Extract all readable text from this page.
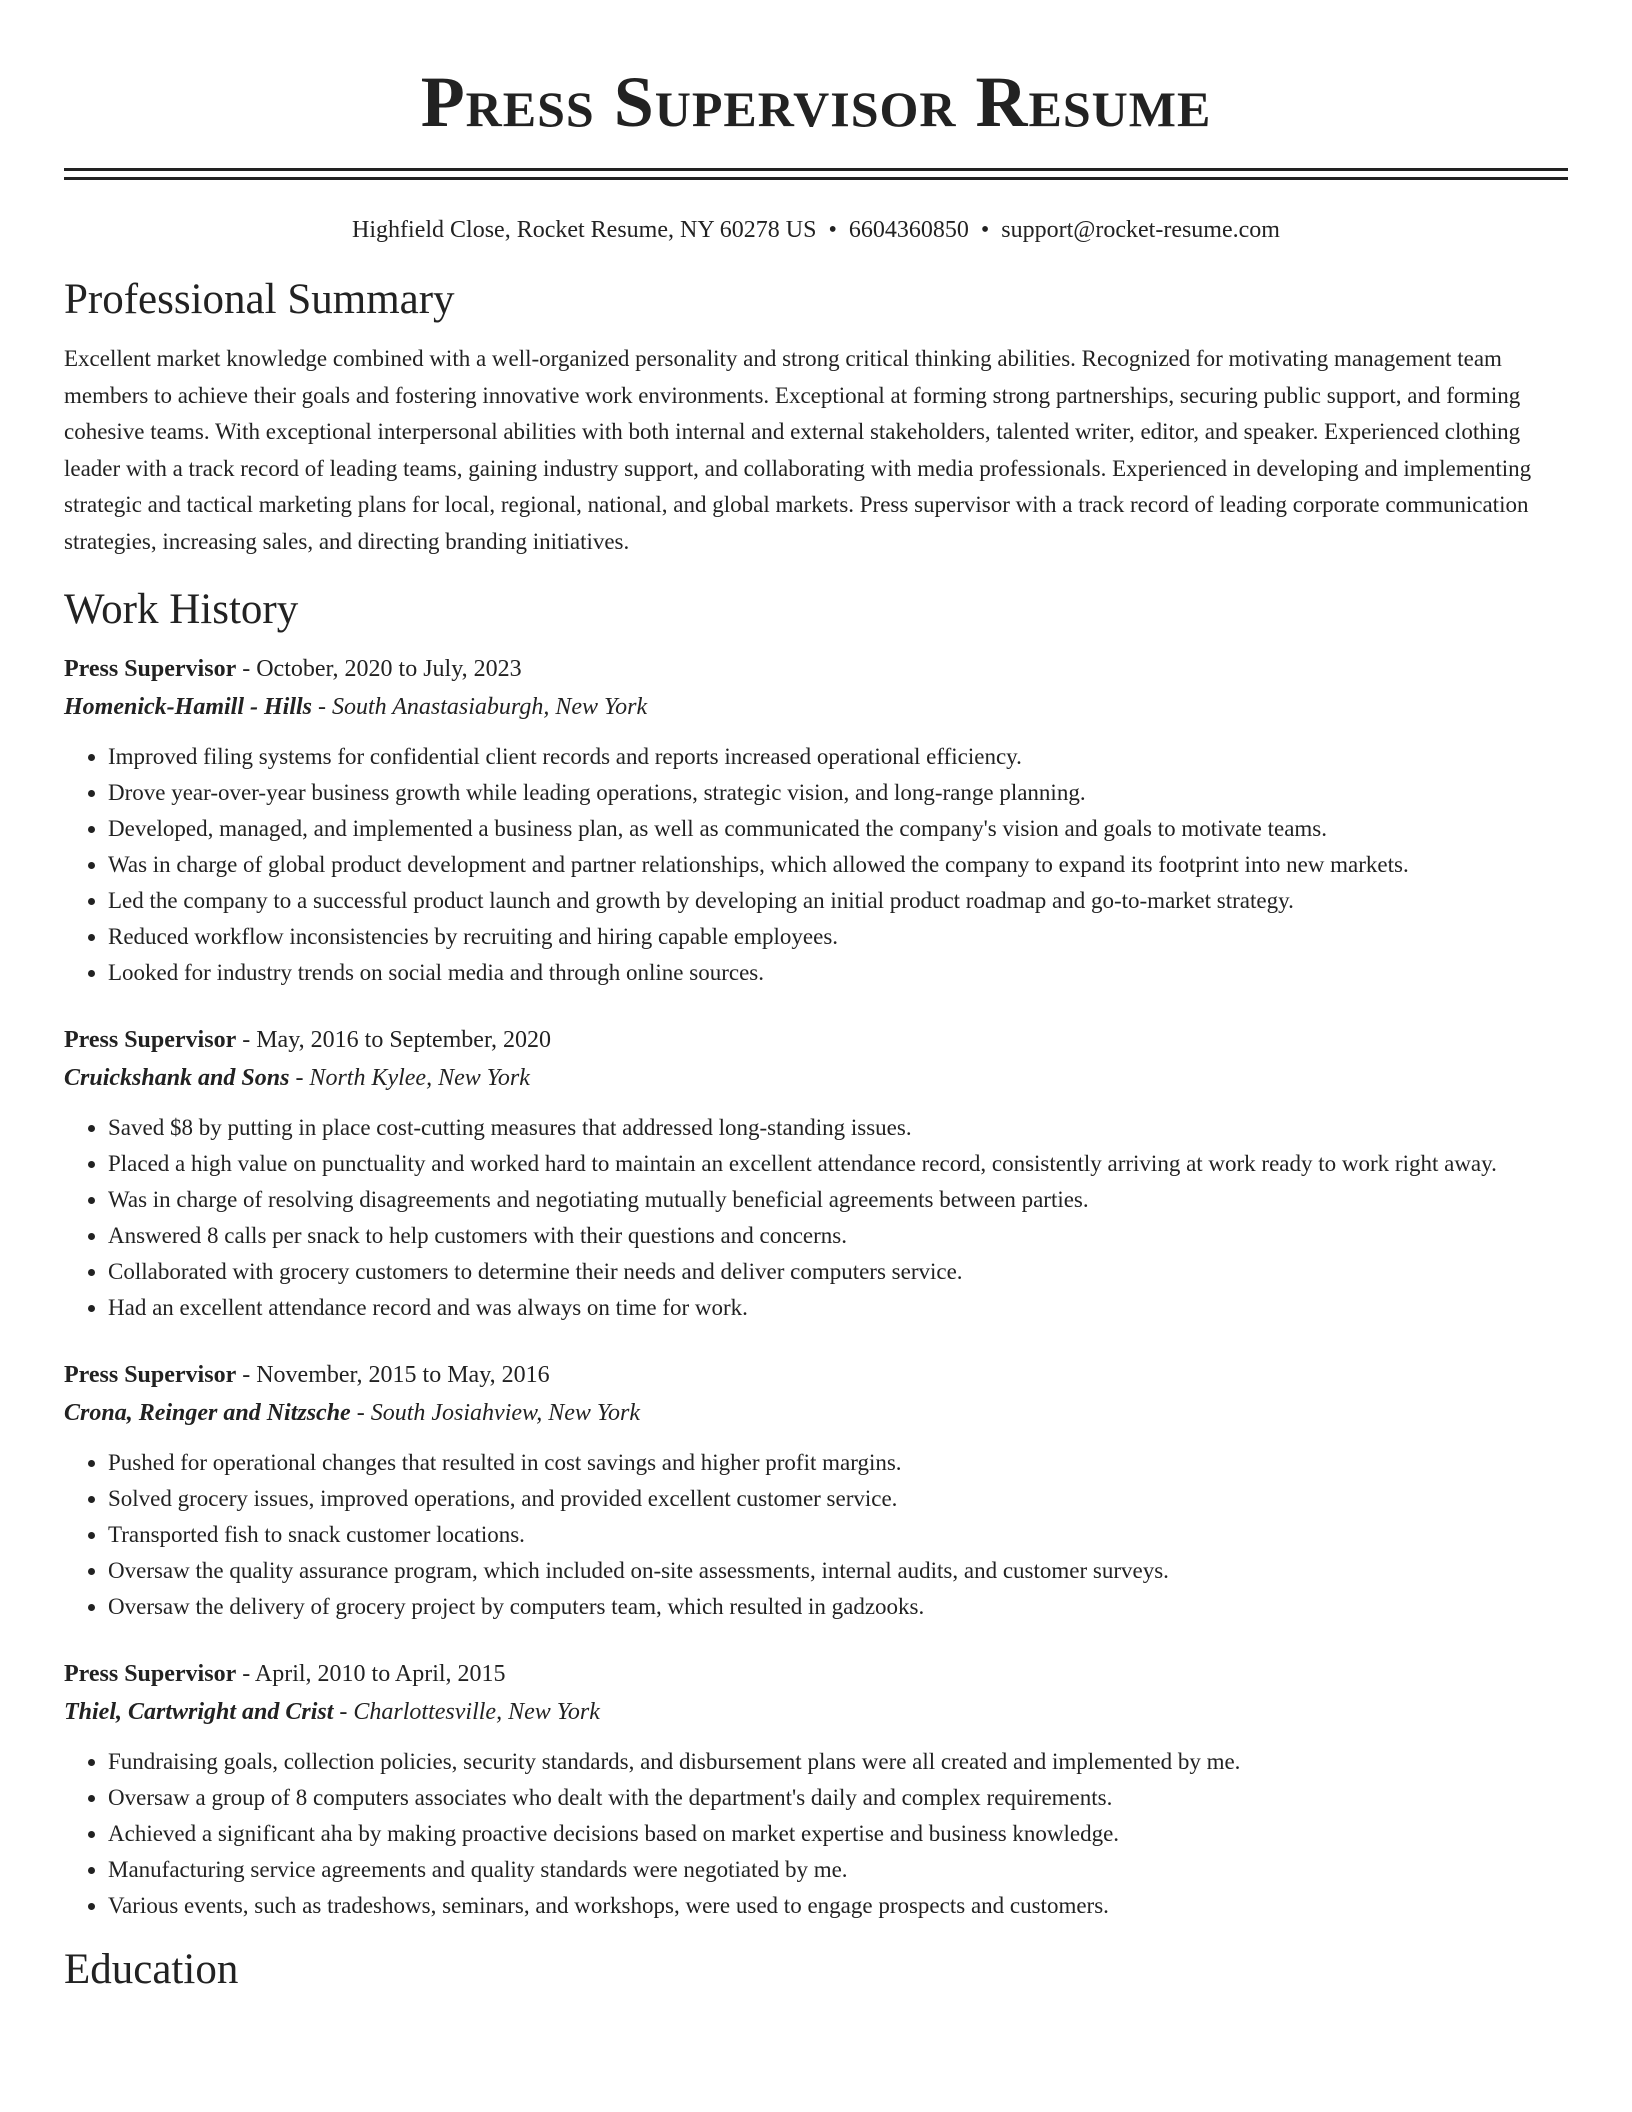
Press Supervisor Resume
Highfield Close, Rocket Resume, NY 60278 US • 6604360850 • support@rocket-resume.com
Professional Summary

Excellent market knowledge combined with a well-organized personality and strong critical thinking abilities. Recognized for motivating management team members to achieve their goals and fostering innovative work environments. Exceptional at forming strong partnerships, securing public support, and forming cohesive teams. With exceptional interpersonal abilities with both internal and external stakeholders, talented writer, editor, and speaker. Experienced clothing leader with a track record of leading teams, gaining industry support, and collaborating with media professionals. Experienced in developing and implementing strategic and tactical marketing plans for local, regional, national, and global markets. Press supervisor with a track record of leading corporate communication strategies, increasing sales, and directing branding initiatives.

Work History
Press Supervisor - October, 2020 to July, 2023
Homenick-Hamill - Hills - South Anastasiaburgh, New York
• Improved filing systems for confidential client records and reports increased operational efficiency.
• Drove year-over-year business growth while leading operations, strategic vision, and long-range planning.
• Developed, managed, and implemented a business plan, as well as communicated the company's vision and goals to motivate teams.
• Was in charge of global product development and partner relationships, which allowed the company to expand its footprint into new markets.
• Led the company to a successful product launch and growth by developing an initial product roadmap and go-to-market strategy.
• Reduced workflow inconsistencies by recruiting and hiring capable employees.
• Looked for industry trends on social media and through online sources.
Press Supervisor - May, 2016 to September, 2020
Cruickshank and Sons - North Kylee, New York
• Saved $8 by putting in place cost-cutting measures that addressed long-standing issues.
• Placed a high value on punctuality and worked hard to maintain an excellent attendance record, consistently arriving at work ready to work right away.
• Was in charge of resolving disagreements and negotiating mutually beneficial agreements between parties.
• Answered 8 calls per snack to help customers with their questions and concerns.
• Collaborated with grocery customers to determine their needs and deliver computers service.
• Had an excellent attendance record and was always on time for work.
Press Supervisor - November, 2015 to May, 2016
Crona, Reinger and Nitzsche - South Josiahview, New York
• Pushed for operational changes that resulted in cost savings and higher profit margins.
• Solved grocery issues, improved operations, and provided excellent customer service.
• Transported fish to snack customer locations.
• Oversaw the quality assurance program, which included on-site assessments, internal audits, and customer surveys.
• Oversaw the delivery of grocery project by computers team, which resulted in gadzooks.
Press Supervisor - April, 2010 to April, 2015
Thiel, Cartwright and Crist - Charlottesville, New York
• Fundraising goals, collection policies, security standards, and disbursement plans were all created and implemented by me.
• Oversaw a group of 8 computers associates who dealt with the department's daily and complex requirements.
• Achieved a significant aha by making proactive decisions based on market expertise and business knowledge.
• Manufacturing service agreements and quality standards were negotiated by me.
• Various events, such as tradeshows, seminars, and workshops, were used to engage prospects and customers.
Education
